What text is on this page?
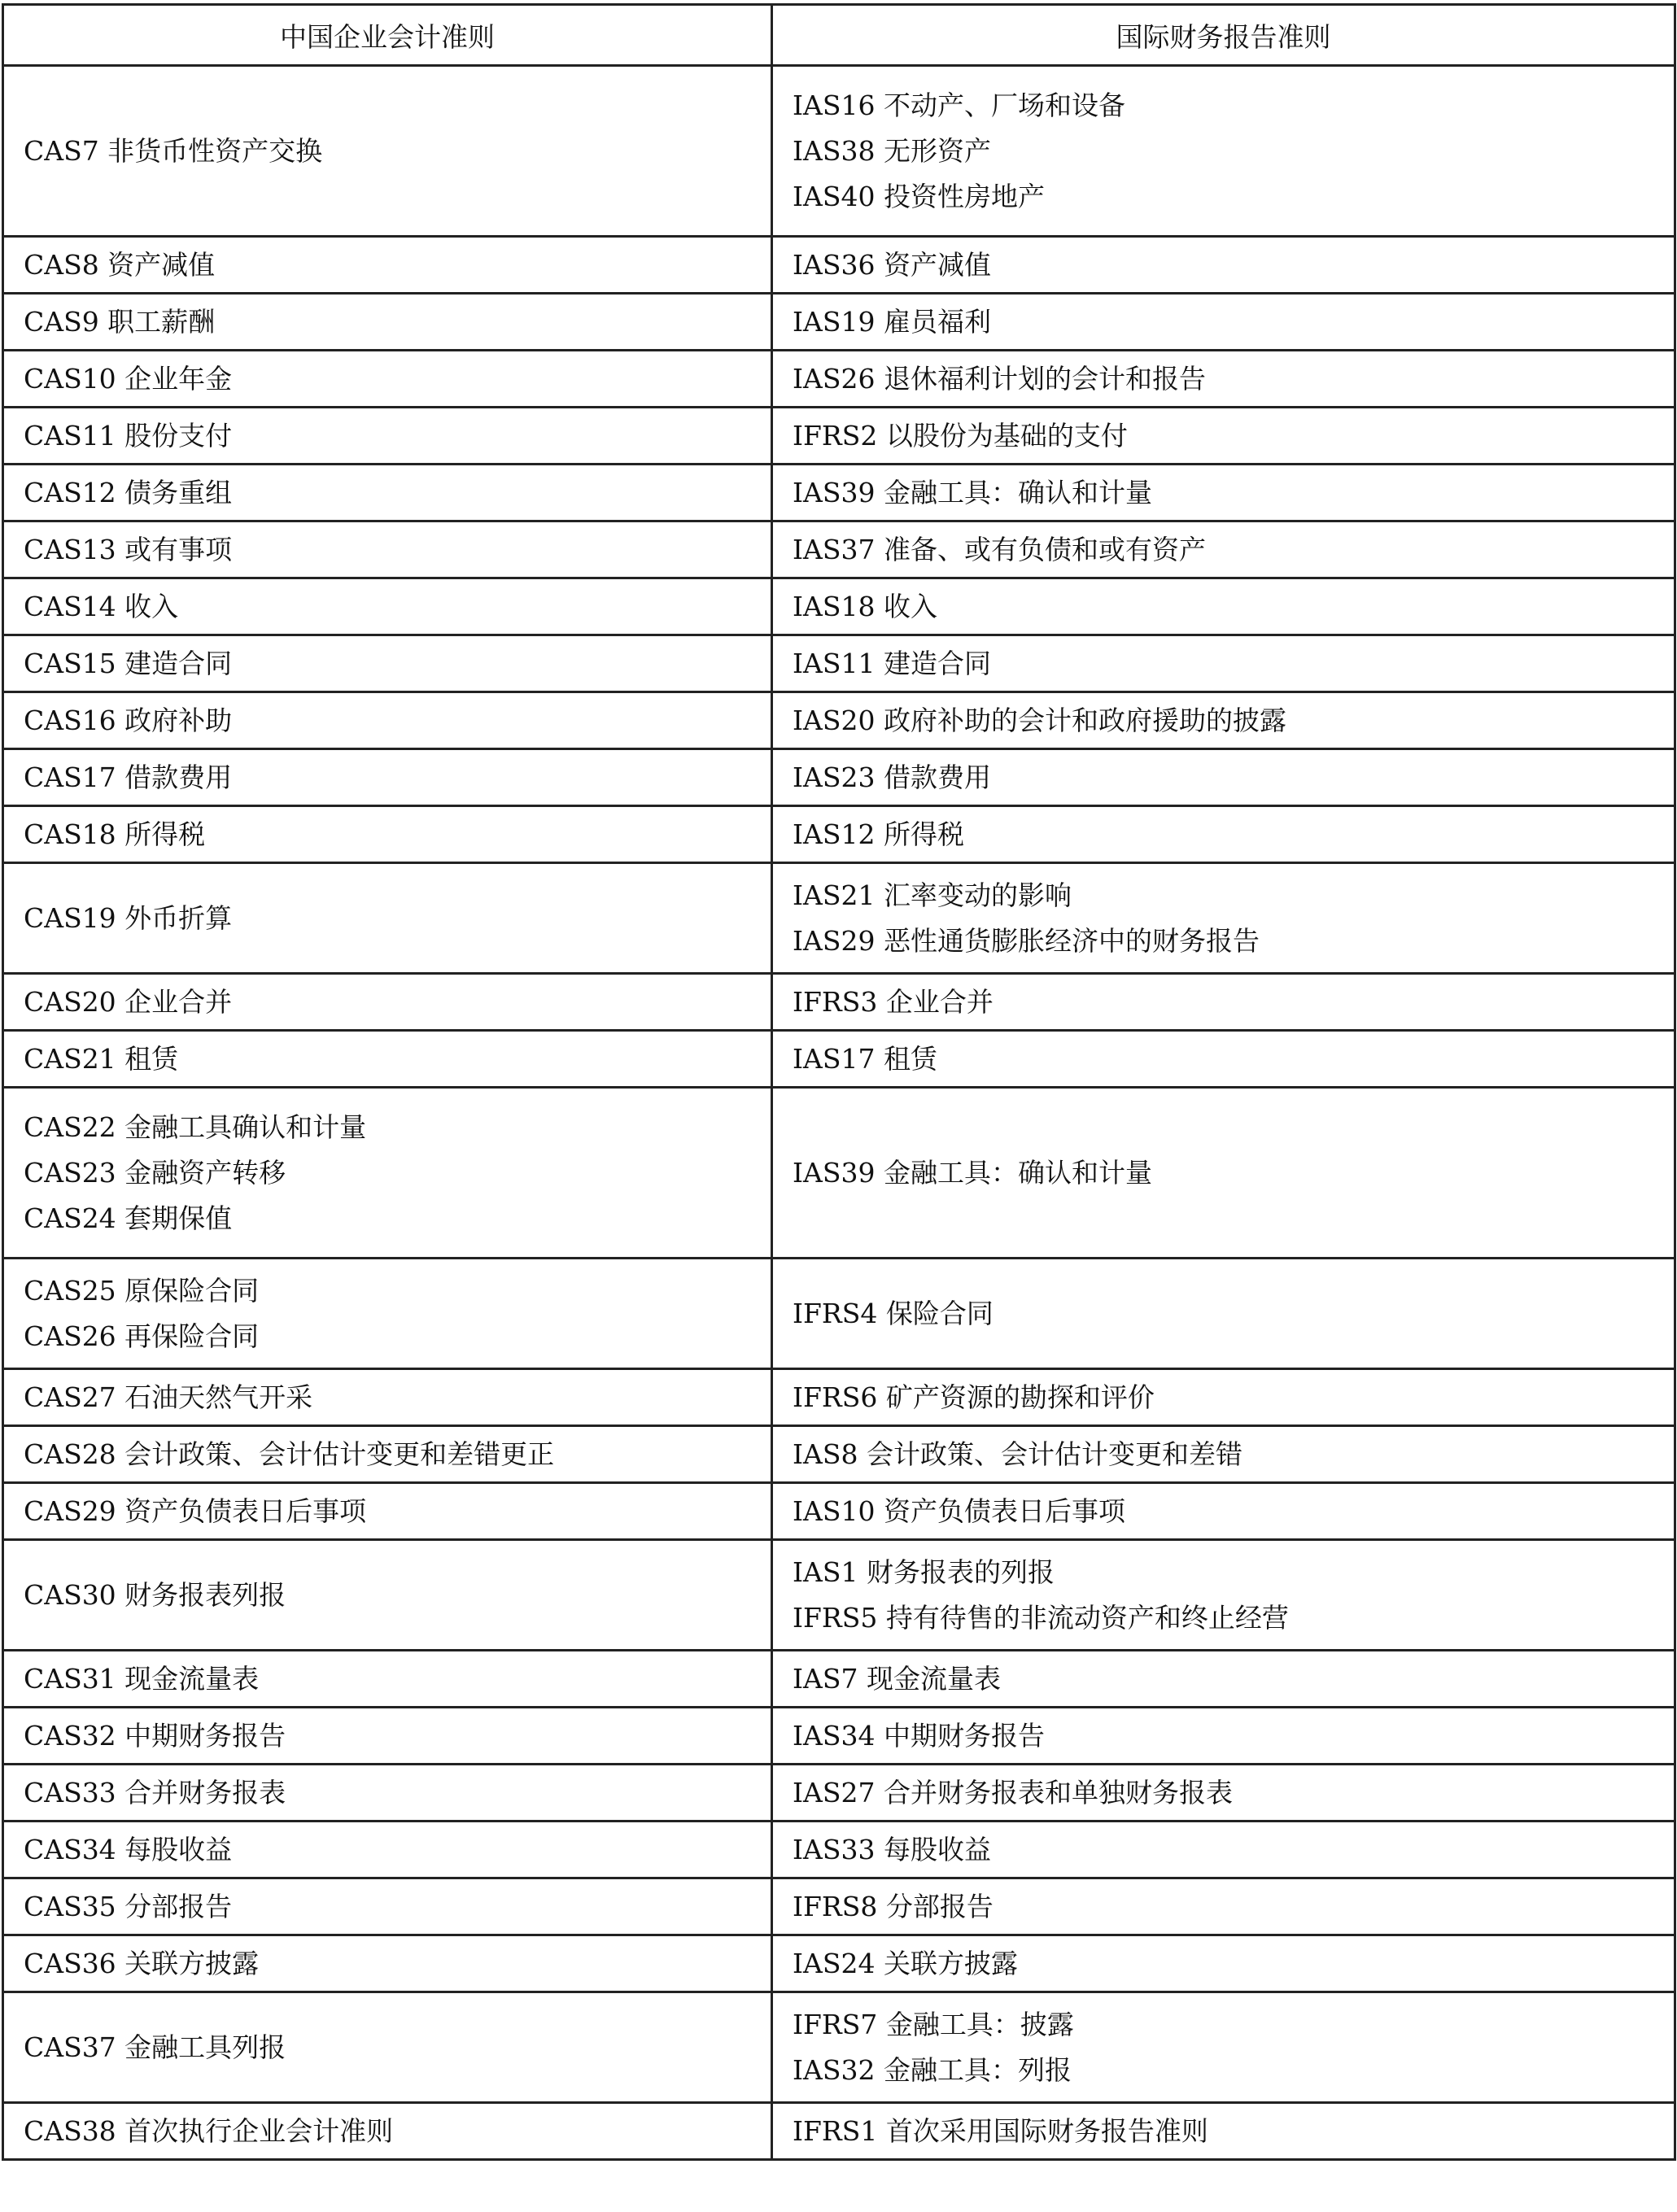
中国企业会计准则	国际财务报告准则

CAS7 非货币性资产交换	IAS16 不动产、厂场和设备
IAS38 无形资产
IAS40 投资性房地产

CAS8 资产减值	IAS36 资产减值

CAS9 职工薪酬	IAS19 雇员福利

CAS10 企业年金	IAS26 退休福利计划的会计和报告

CAS11 股份支付	IFRS2 以股份为基础的支付

CAS12 债务重组	IAS39 金融工具：确认和计量

CAS13 或有事项	IAS37 准备、或有负债和或有资产

CAS14 收入	IAS18 收入

CAS15 建造合同	IAS11 建造合同

CAS16 政府补助	IAS20 政府补助的会计和政府援助的披露

CAS17 借款费用	IAS23 借款费用

CAS18 所得税	IAS12 所得税

CAS19 外币折算	IAS21 汇率变动的影响
IAS29 恶性通货膨胀经济中的财务报告

CAS20 企业合并	IFRS3 企业合并

CAS21 租赁	IAS17 租赁

CAS22 金融工具确认和计量
CAS23 金融资产转移
CAS24 套期保值	IAS39 金融工具：确认和计量

CAS25 原保险合同
CAS26 再保险合同	IFRS4 保险合同

CAS27 石油天然气开采	IFRS6 矿产资源的勘探和评价

CAS28 会计政策、会计估计变更和差错更正	IAS8 会计政策、会计估计变更和差错

CAS29 资产负债表日后事项	IAS10 资产负债表日后事项

CAS30 财务报表列报	IAS1 财务报表的列报
IFRS5 持有待售的非流动资产和终止经营

CAS31 现金流量表	IAS7 现金流量表

CAS32 中期财务报告	IAS34 中期财务报告

CAS33 合并财务报表	IAS27 合并财务报表和单独财务报表

CAS34 每股收益	IAS33 每股收益

CAS35 分部报告	IFRS8 分部报告

CAS36 关联方披露	IAS24 关联方披露

CAS37 金融工具列报	IFRS7 金融工具：披露
IAS32 金融工具：列报

CAS38 首次执行企业会计准则	IFRS1 首次采用国际财务报告准则
